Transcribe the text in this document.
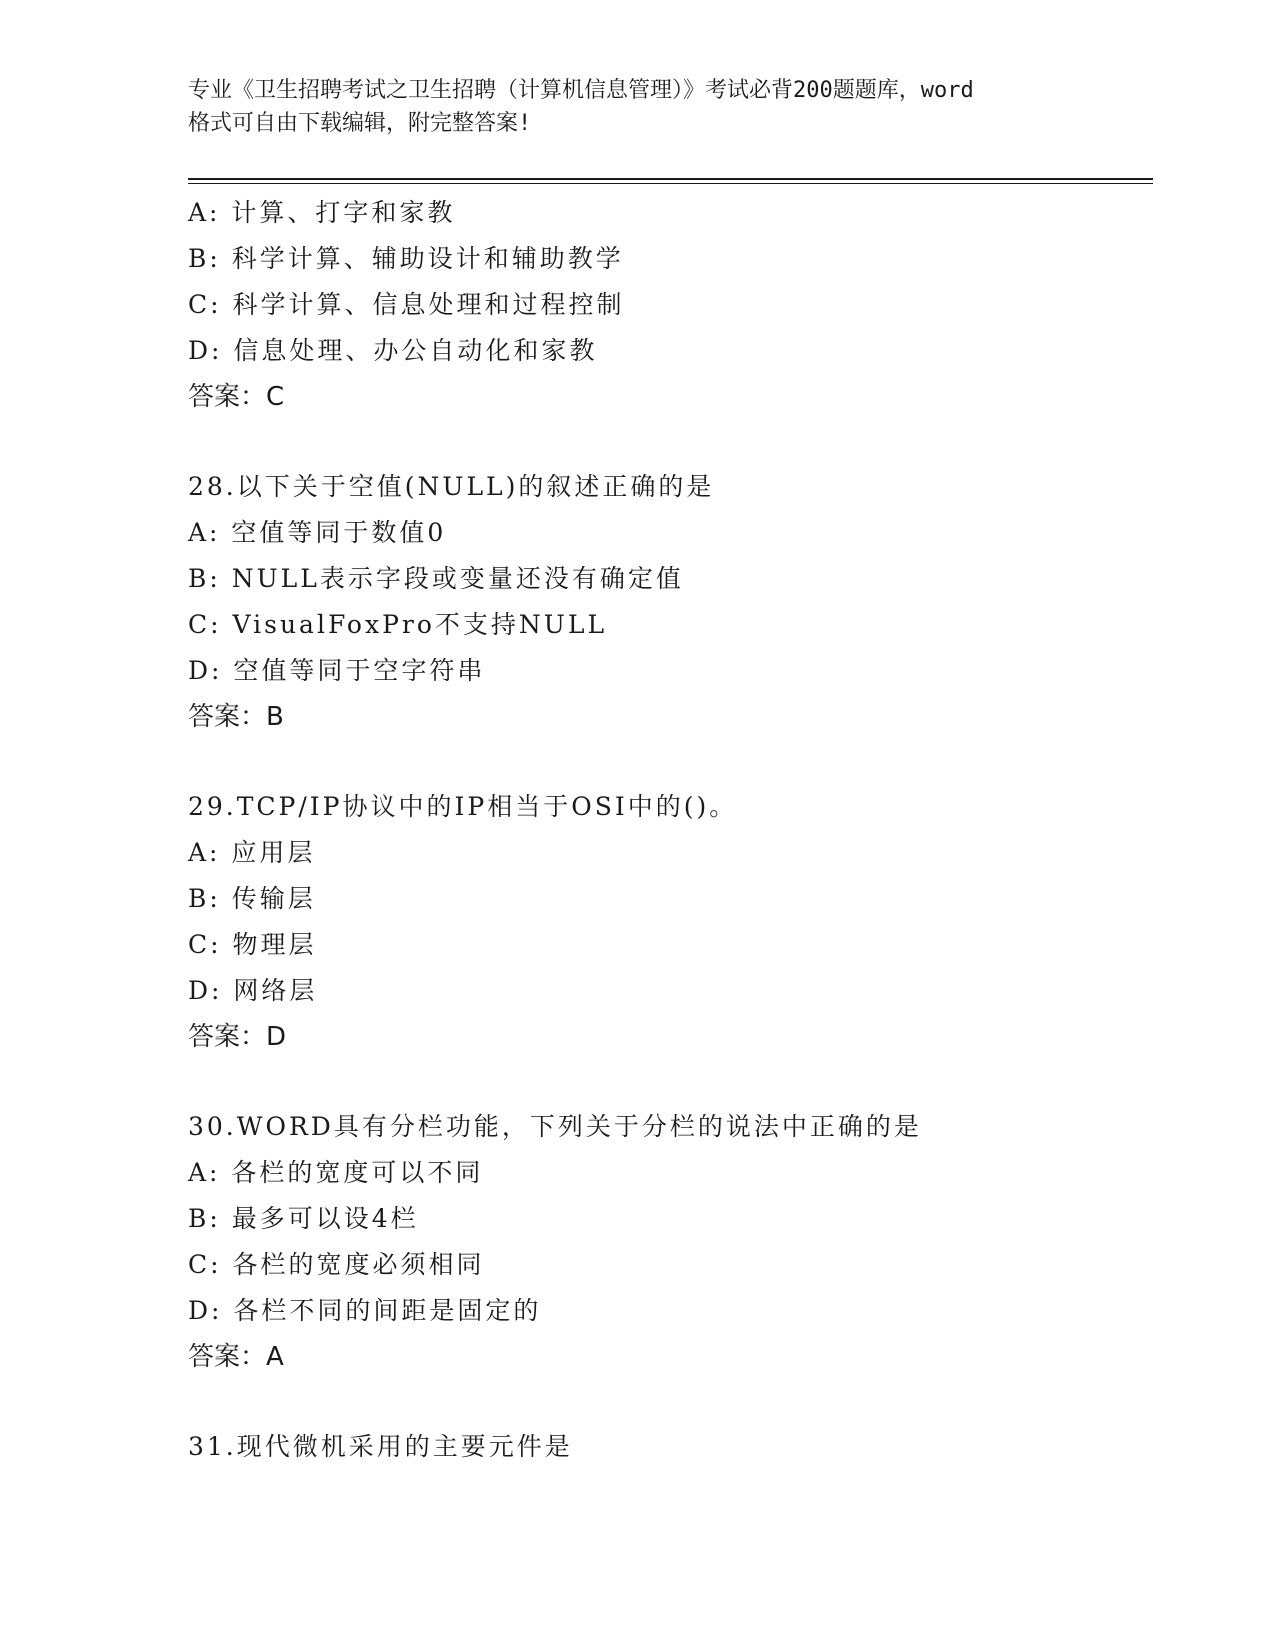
专业《卫生招聘考试之卫生招聘（计算机信息管理）》考试必背200题题库，word
格式可自由下载编辑，附完整答案!
A: 计算、打字和家教
B: 科学计算、辅助设计和辅助教学
C: 科学计算、信息处理和过程控制
D: 信息处理、办公自动化和家教
答案：C
28.以下关于空值(NULL)的叙述正确的是
A: 空值等同于数值0
B: NULL表示字段或变量还没有确定值
C: VisualFoxPro不支持NULL
D: 空值等同于空字符串
答案：B
29.TCP/IP协议中的IP相当于OSI中的()。
A: 应用层
B: 传输层
C: 物理层
D: 网络层
答案：D
30.WORD具有分栏功能，下列关于分栏的说法中正确的是
A: 各栏的宽度可以不同
B: 最多可以设4栏
C: 各栏的宽度必须相同
D: 各栏不同的间距是固定的
答案：A
31.现代微机采用的主要元件是
